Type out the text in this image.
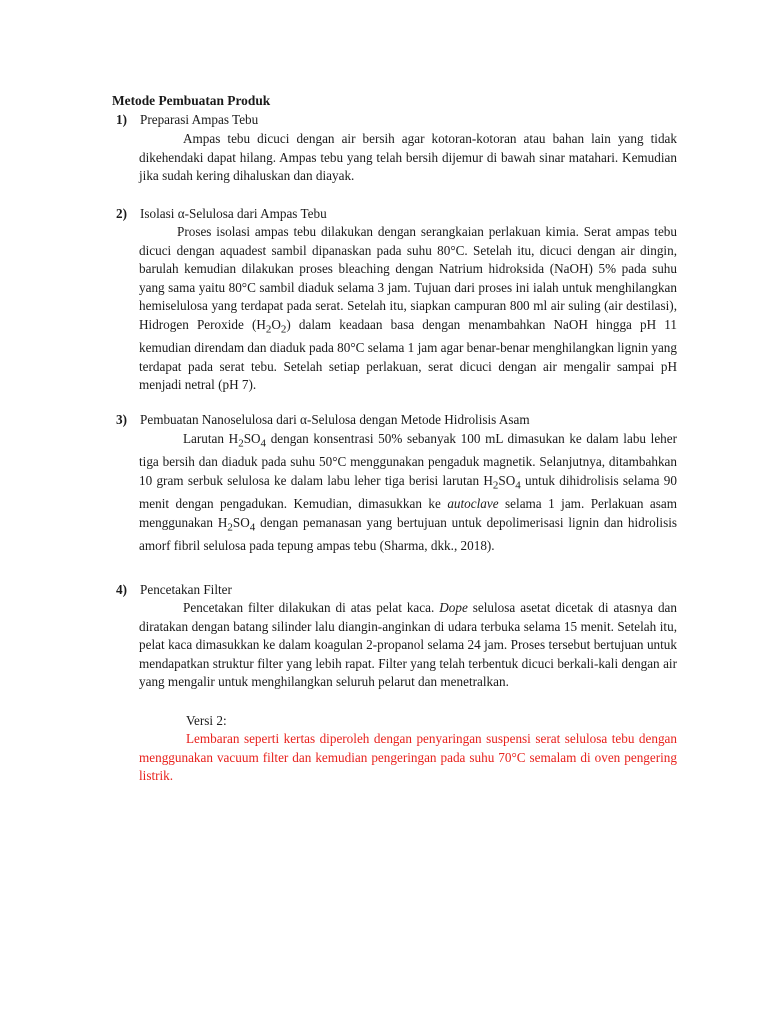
Metode Pembuatan Produk
1) Preparasi Ampas Tebu

Ampas tebu dicuci dengan air bersih agar kotoran-kotoran atau bahan lain yang tidak dikehendaki dapat hilang. Ampas tebu yang telah bersih dijemur di bawah sinar matahari. Kemudian jika sudah kering dihaluskan dan diayak.

2) Isolasi α-Selulosa dari Ampas Tebu

Proses isolasi ampas tebu dilakukan dengan serangkaian perlakuan kimia. Serat ampas tebu dicuci dengan aquadest sambil dipanaskan pada suhu 80°C. Setelah itu, dicuci dengan air dingin, barulah kemudian dilakukan proses bleaching dengan Natrium hidroksida (NaOH) 5% pada suhu yang sama yaitu 80°C sambil diaduk selama 3 jam. Tujuan dari proses ini ialah untuk menghilangkan hemiselulosa yang terdapat pada serat. Setelah itu, siapkan campuran 800 ml air suling (air destilasi), Hidrogen Peroxide $(H_2O_2)$ dalam keadaan basa dengan menambahkan NaOH hingga pH 11 kemudian direndam dan diaduk pada 80°C selama 1 jam agar benar-benar menghilangkan lignin yang terdapat pada serat tebu. Setelah setiap perlakuan, serat dicuci dengan air mengalir sampai pH menjadi netral (pH 7).

3) Pembuatan Nanoselulosa dari α-Selulosa dengan Metode Hidrolisis Asam

Larutan $H_2SO_4$ dengan konsentrasi 50% sebanyak 100 mL dimasukan ke dalam labu leher tiga bersih dan diaduk pada suhu 50°C menggunakan pengaduk magnetik. Selanjutnya, ditambahkan 10 gram serbuk selulosa ke dalam labu leher tiga berisi larutan $H_2SO_4$ untuk dihidrolisis selama 90 menit dengan pengadukan. Kemudian, dimasukkan ke autoclave selama 1 jam. Perlakuan asam menggunakan $H_2SO_4$ dengan pemanasan yang bertujuan untuk depolimerisasi lignin dan hidrolisis amorf fibril selulosa pada tepung ampas tebu (Sharma, dkk., 2018).

4) Pencetakan Filter

Pencetakan filter dilakukan di atas pelat kaca. Dope selulosa asetat dicetak di atasnya dan diratakan dengan batang silinder lalu diangin-anginkan di udara terbuka selama 15 menit. Setelah itu, pelat kaca dimasukkan ke dalam koagulan 2-propanol selama 24 jam. Proses tersebut bertujuan untuk mendapatkan struktur filter yang lebih rapat. Filter yang telah terbentuk dicuci berkali-kali dengan air yang mengalir untuk menghilangkan seluruh pelarut dan menetralkan.

Versi 2:

Lembaran seperti kertas diperoleh dengan penyaringan suspensi serat selulosa tebu dengan menggunakan vacuum filter dan kemudian pengeringan pada suhu 70°C semalam di oven pengering listrik.
